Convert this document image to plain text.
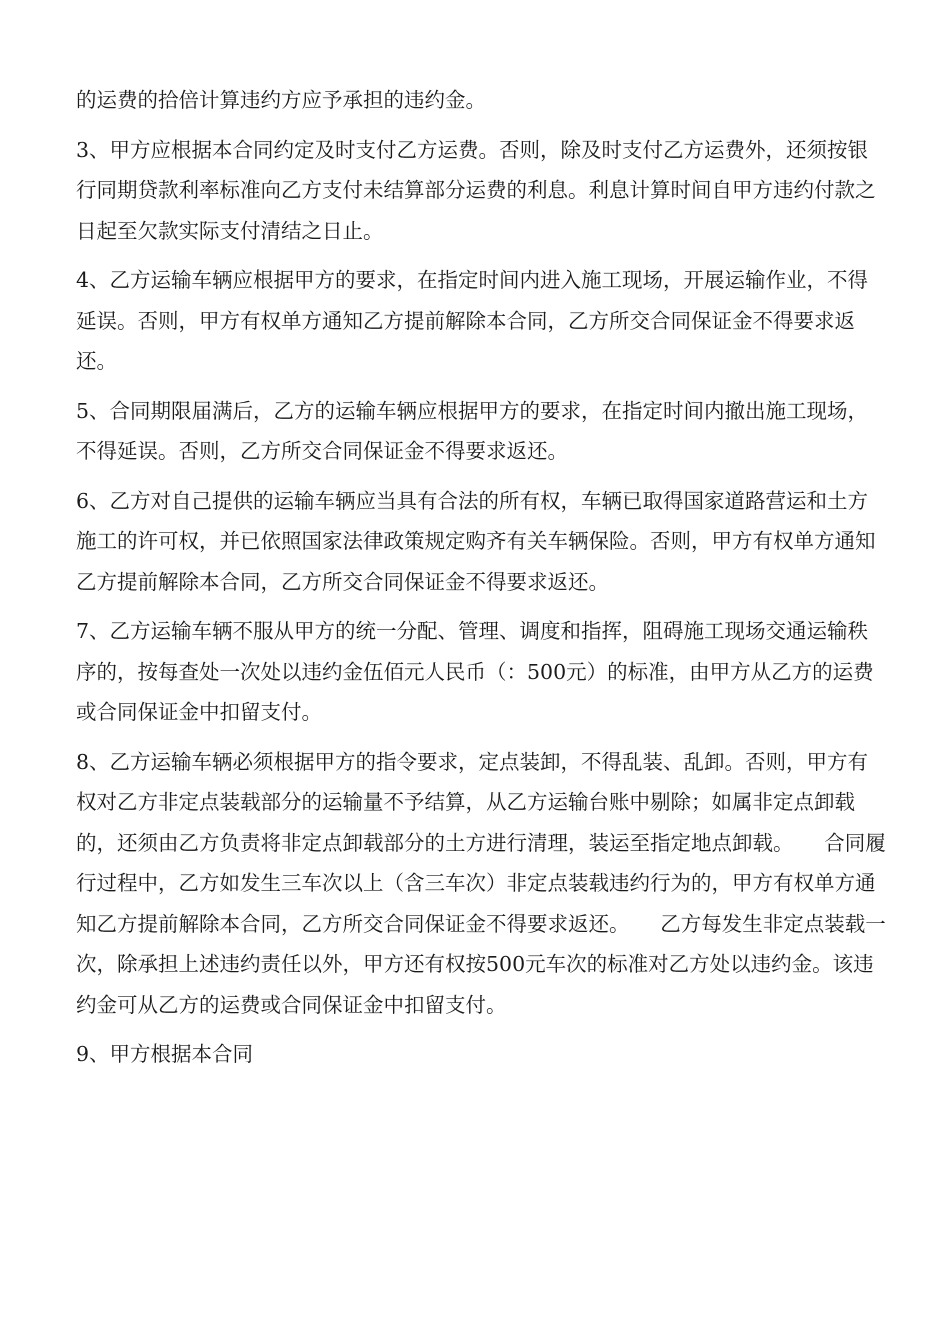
的运费的拾倍计算违约方应予承担的违约金。

3、甲方应根据本合同约定及时支付乙方运费。否则，除及时支付乙方运费外，还须按银行同期贷款利率标准向乙方支付未结算部分运费的利息。利息计算时间自甲方违约付款之日起至欠款实际支付清结之日止。

4、乙方运输车辆应根据甲方的要求，在指定时间内进入施工现场，开展运输作业，不得延误。否则，甲方有权单方通知乙方提前解除本合同，乙方所交合同保证金不得要求返还。

5、合同期限届满后，乙方的运输车辆应根据甲方的要求，在指定时间内撤出施工现场，不得延误。否则，乙方所交合同保证金不得要求返还。

6、乙方对自己提供的运输车辆应当具有合法的所有权，车辆已取得国家道路营运和土方施工的许可权，并已依照国家法律政策规定购齐有关车辆保险。否则，甲方有权单方通知乙方提前解除本合同，乙方所交合同保证金不得要求返还。

7、乙方运输车辆不服从甲方的统一分配、管理、调度和指挥，阻碍施工现场交通运输秩序的，按每查处一次处以违约金伍佰元人民币（：500元）的标准，由甲方从乙方的运费或合同保证金中扣留支付。

8、乙方运输车辆必须根据甲方的指令要求，定点装卸，不得乱装、乱卸。否则，甲方有权对乙方非定点装载部分的运输量不予结算，从乙方运输台账中剔除；如属非定点卸载的，还须由乙方负责将非定点卸载部分的土方进行清理，装运至指定地点卸载。　　合同履行过程中，乙方如发生三车次以上（含三车次）非定点装载违约行为的，甲方有权单方通知乙方提前解除本合同，乙方所交合同保证金不得要求返还。　　乙方每发生非定点装载一次，除承担上述违约责任以外，甲方还有权按500元车次的标准对乙方处以违约金。该违约金可从乙方的运费或合同保证金中扣留支付。

9、甲方根据本合同
